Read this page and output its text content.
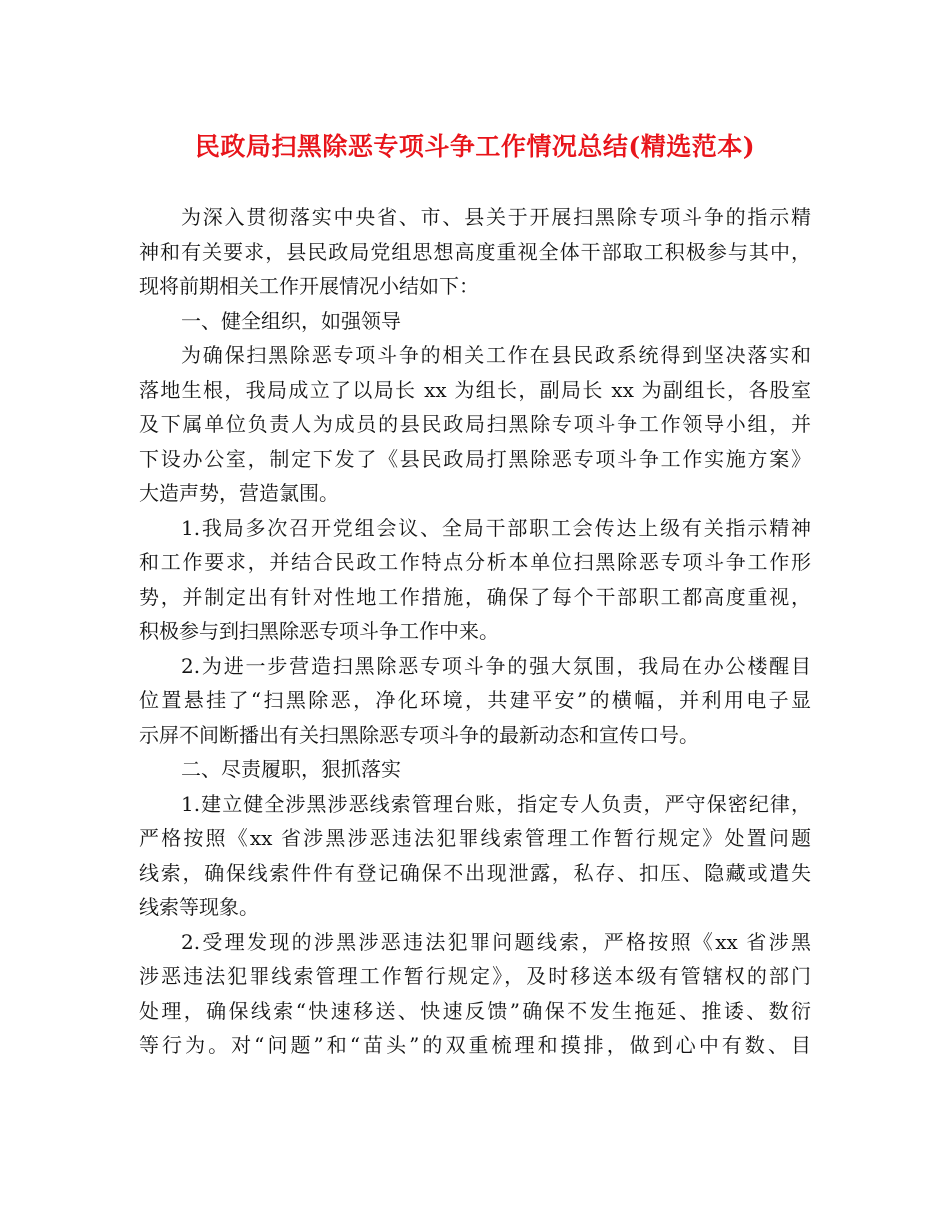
民政局扫黑除恶专项斗争工作情况总结(精选范本)
为深入贯彻落实中央省、市、县关于开展扫黑除专项斗争的指示精
神和有关要求，县民政局党组思想高度重视全体干部取工积极参与其中，
现将前期相关工作开展情况小结如下：
一、健全组织，如强领导
为确保扫黑除恶专项斗争的相关工作在县民政系统得到坚决落实和
落地生根，我局成立了以局长 xx 为组长，副局长 xx 为副组长，各股室
及下属单位负责人为成员的县民政局扫黑除专项斗争工作领导小组，并
下设办公室，制定下发了《县民政局打黑除恶专项斗争工作实施方案》
大造声势，营造氯围。
1.我局多次召开党组会议、全局干部职工会传达上级有关指示精神
和工作要求，并结合民政工作特点分析本单位扫黑除恶专项斗争工作形
势，并制定出有针对性地工作措施，确保了每个干部职工都高度重视，
积极参与到扫黑除恶专项斗争工作中来。
2.为进一步营造扫黑除恶专项斗争的强大氛围，我局在办公楼醒目
位置悬挂了“扫黑除恶，净化环境，共建平安”的横幅，并利用电子显
示屏不间断播出有关扫黑除恶专项斗争的最新动态和宣传口号。
二、尽责履职，狠抓落实
1.建立健全涉黑涉恶线索管理台账，指定专人负责，严守保密纪律，
严格按照《xx 省涉黑涉恶违法犯罪线索管理工作暂行规定》处置问题
线索，确保线索件件有登记确保不出现泄露，私存、扣压、隐藏或遣失
线索等现象。
2.受理发现的涉黑涉恶违法犯罪问题线索，严格按照《xx 省涉黑
涉恶违法犯罪线索管理工作暂行规定》，及时移送本级有管辖权的部门
处理，确保线索“快速移送、快速反馈”确保不发生拖延、推诿、数衍
等行为。对“问题”和“苗头”的双重梳理和摸排，做到心中有数、目
